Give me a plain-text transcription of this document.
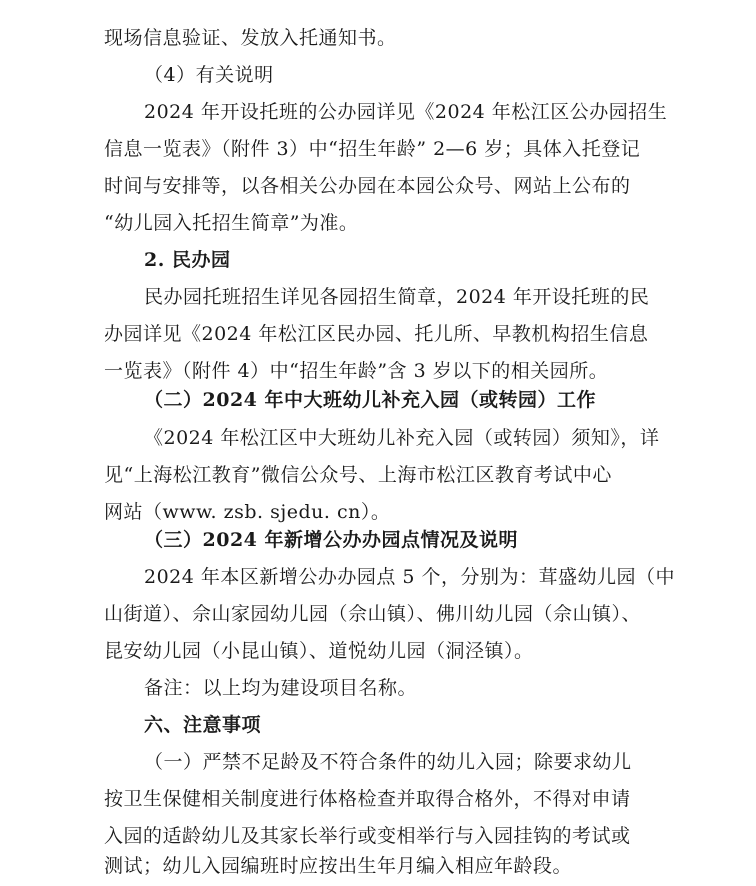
现场信息验证、发放入托通知书。
（4）有关说明
2024 年开设托班的公办园详见《2024 年松江区公办园招生
信息一览表》（附件 3）中“招生年龄” 2—6 岁；具体入托登记
时间与安排等，以各相关公办园在本园公众号、网站上公布的
“幼儿园入托招生简章”为准。
2. 民办园
民办园托班招生详见各园招生简章，2024 年开设托班的民
办园详见《2024 年松江区民办园、托儿所、早教机构招生信息
一览表》（附件 4）中“招生年龄”含 3 岁以下的相关园所。
（二）2024 年中大班幼儿补充入园（或转园）工作
《2024 年松江区中大班幼儿补充入园（或转园）须知》，详
见“上海松江教育”微信公众号、上海市松江区教育考试中心
网站（www. zsb. sjedu. cn）。
（三）2024 年新增公办办园点情况及说明
2024 年本区新增公办办园点 5 个，分别为：茸盛幼儿园（中
山街道）、佘山家园幼儿园（佘山镇）、佛川幼儿园（佘山镇）、
昆安幼儿园（小昆山镇）、道悦幼儿园（洞泾镇）。
备注：以上均为建设项目名称。
六、注意事项
（一）严禁不足龄及不符合条件的幼儿入园；除要求幼儿
按卫生保健相关制度进行体格检查并取得合格外，不得对申请
入园的适龄幼儿及其家长举行或变相举行与入园挂钩的考试或
测试；幼儿入园编班时应按出生年月编入相应年龄段。
